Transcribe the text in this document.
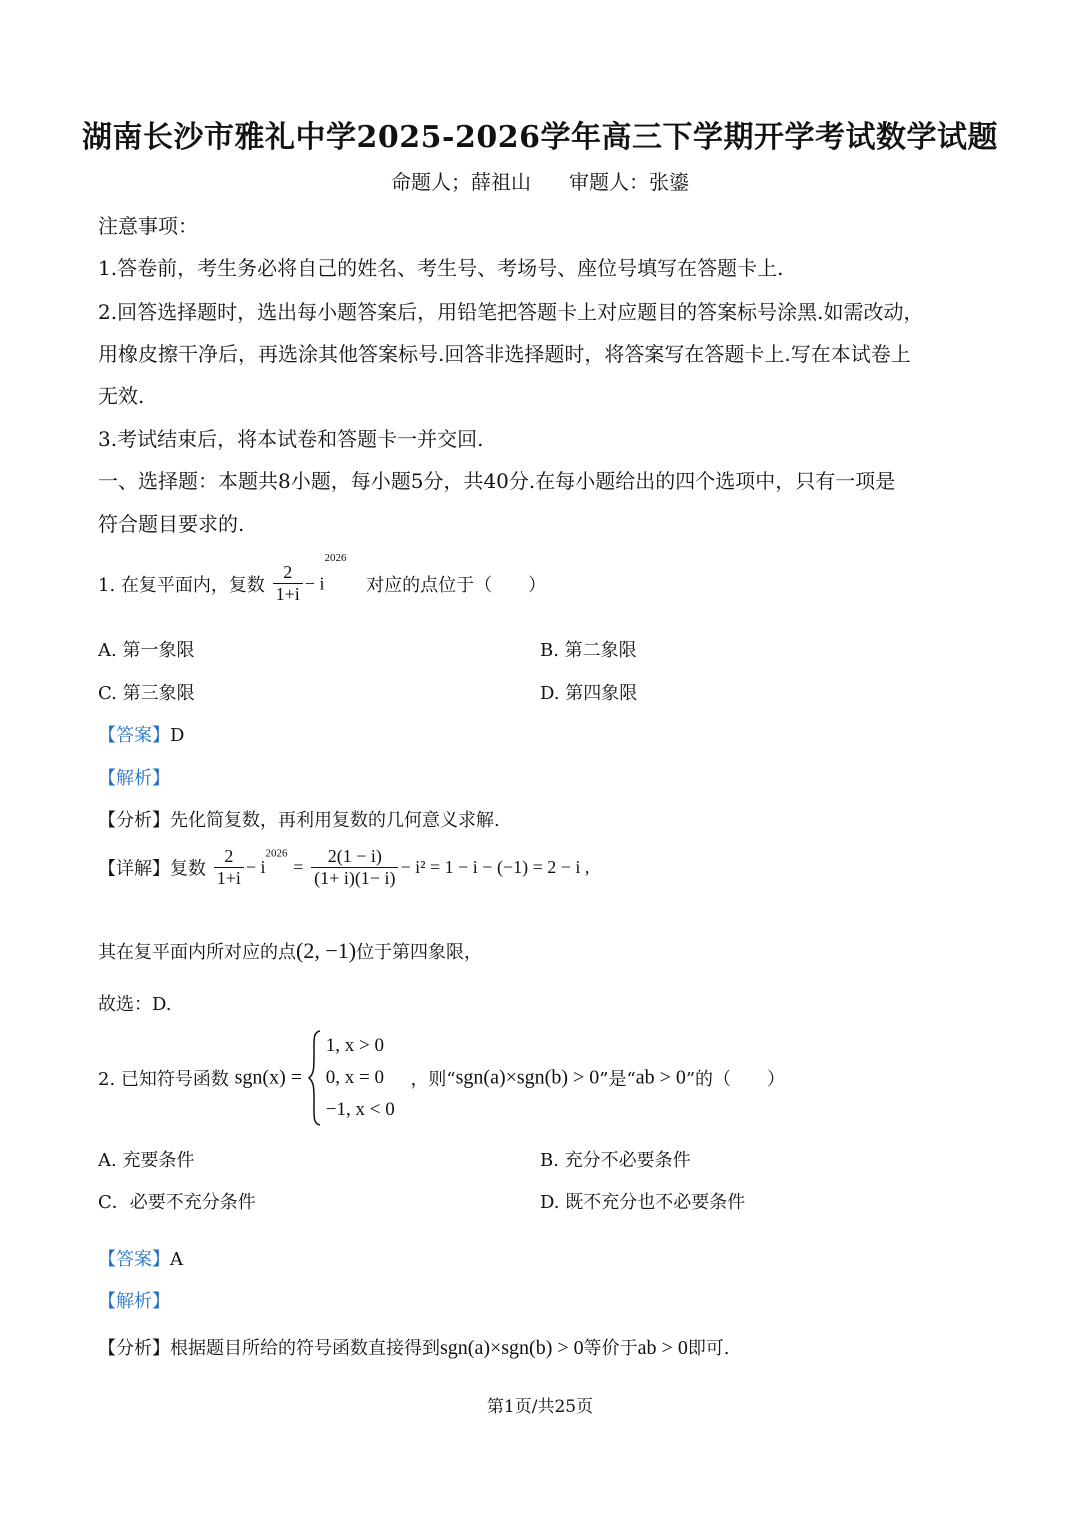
湖南长沙市雅礼中学2025-2026学年高三下学期开学考试数学试题
命题人；薛祖山 审题人：张鎏
注意事项：
1.答卷前，考生务必将自己的姓名、考生号、考场号、座位号填写在答题卡上.
2.回答选择题时，选出每小题答案后，用铅笔把答题卡上对应题目的答案标号涂黑.如需改动，
用橡皮擦干净后，再选涂其他答案标号.回答非选择题时，将答案写在答题卡上.写在本试卷上
无效.
3.考试结束后，将本试卷和答题卡一并交回.
一、选择题：本题共8小题，每小题5分，共40分.在每小题给出的四个选项中，只有一项是
符合题目要求的.
1. 在复平面内，复数 $\frac{2}{1+i} - i^{2026}$ 对应的点位于（　　）
A. 第一象限	B. 第二象限
C. 第三象限	D. 第四象限
【答案】D
【解析】
【分析】先化简复数，再利用复数的几何意义求解.
【详解】复数 $\frac{2}{1+i} - i^{2026} = \frac{2(1 - i)}{(1+ i)(1- i)} - i^2 = 1 - i - (-1) = 2 - i$ ,
其在复平面内所对应的点(2, −1)位于第四象限，
故选：D.
2. 已知符号函数 sgn(x) =
1, x > 0
0, x = 0
−1, x < 0
，则“sgn(a)×sgn(b) > 0”是“ab > 0”的（　　）
A. 充要条件	B. 充分不必要条件
C．必要不充分条件	D. 既不充分也不必要条件
【答案】A
【解析】
【分析】根据题目所给的符号函数直接得到sgn(a)×sgn(b) > 0等价于ab > 0即可.
第1页/共25页
